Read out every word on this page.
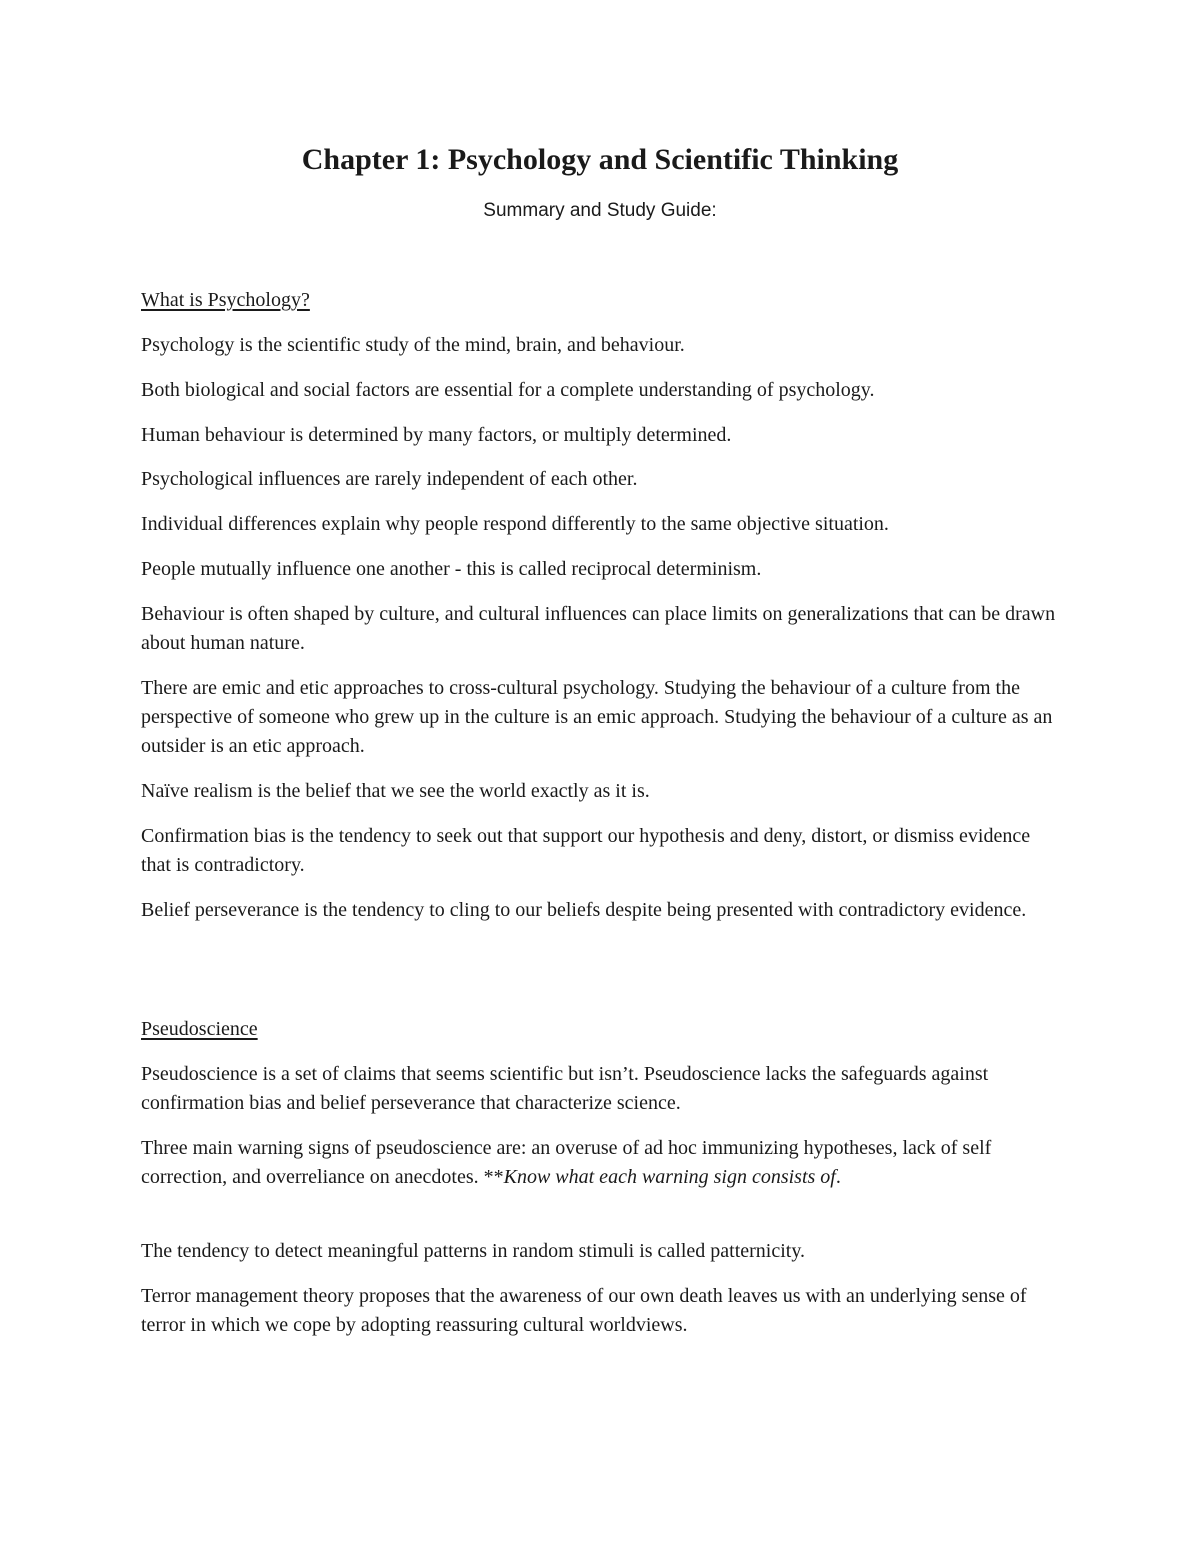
Chapter 1: Psychology and Scientific Thinking
Summary and Study Guide:
What is Psychology?
Psychology is the scientific study of the mind, brain, and behaviour.
Both biological and social factors are essential for a complete understanding of psychology.
Human behaviour is determined by many factors, or multiply determined.
Psychological influences are rarely independent of each other.
Individual differences explain why people respond differently to the same objective situation.
People mutually influence one another - this is called reciprocal determinism.
Behaviour is often shaped by culture, and cultural influences can place limits on generalizations that can be drawn about human nature.
There are emic and etic approaches to cross-cultural psychology. Studying the behaviour of a culture from the perspective of someone who grew up in the culture is an emic approach. Studying the behaviour of a culture as an outsider is an etic approach.
Naïve realism is the belief that we see the world exactly as it is.
Confirmation bias is the tendency to seek out that support our hypothesis and deny, distort, or dismiss evidence that is contradictory.
Belief perseverance is the tendency to cling to our beliefs despite being presented with contradictory evidence.
Pseudoscience
Pseudoscience is a set of claims that seems scientific but isn’t. Pseudoscience lacks the safeguards against confirmation bias and belief perseverance that characterize science.
Three main warning signs of pseudoscience are: an overuse of ad hoc immunizing hypotheses, lack of self correction, and overreliance on anecdotes. **Know what each warning sign consists of.
The tendency to detect meaningful patterns in random stimuli is called patternicity.
Terror management theory proposes that the awareness of our own death leaves us with an underlying sense of terror in which we cope by adopting reassuring cultural worldviews.
